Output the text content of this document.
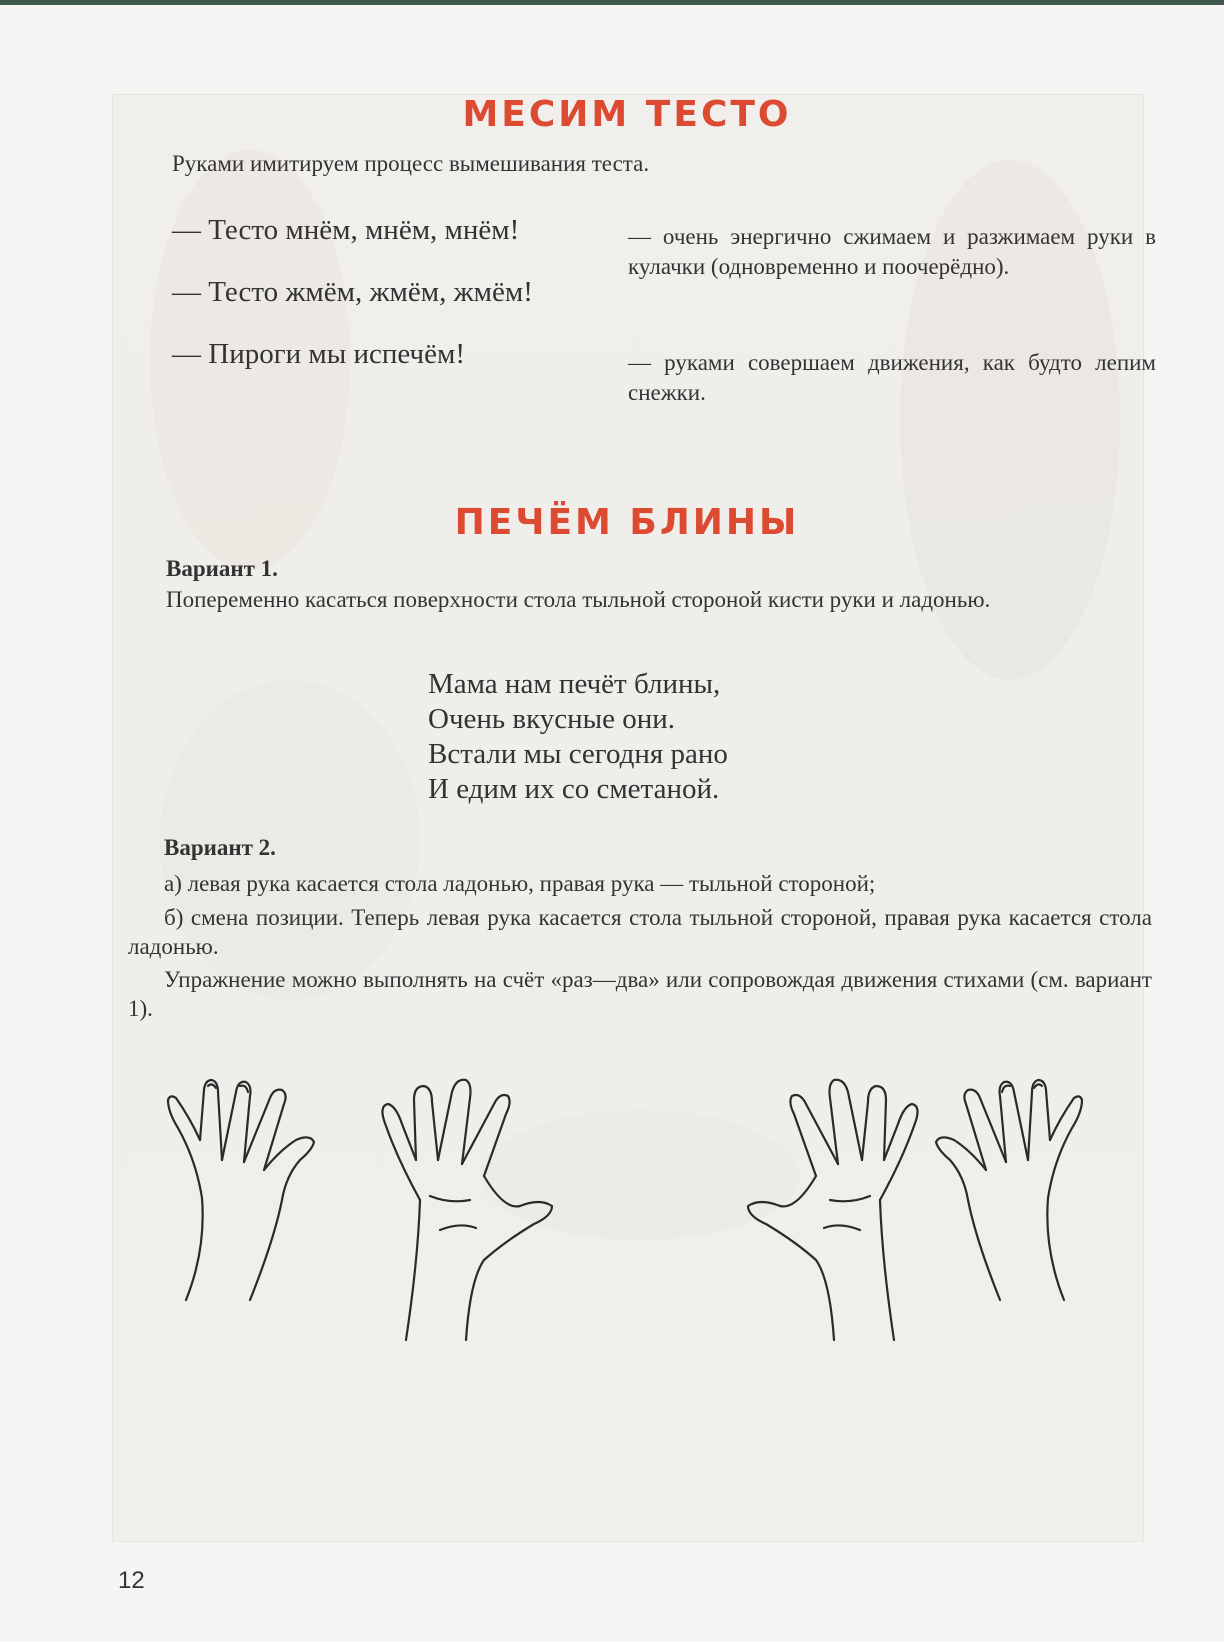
МЕСИМ ТЕСТО
Руками имитируем процесс вымешивания теста.
— Тесто мнём, мнём, мнём!
— Тесто жмём, жмём, жмём!
— Пироги мы испечём!
— очень энергично сжимаем и разжимаем руки в кулачки (одновременно и поочерёдно).
— руками совершаем движения, как будто лепим снежки.
ПЕЧЁМ БЛИНЫ
Вариант 1.
Попеременно касаться поверхности стола тыльной стороной кисти руки и ладонью.
Мама нам печёт блины,
Очень вкусные они.
Встали мы сегодня рано
И едим их со сметаной.
Вариант 2.
а) левая рука касается стола ладонью, правая рука — тыльной стороной;
б) смена позиции. Теперь левая рука касается стола тыльной стороной, правая рука касается стола ладонью.
Упражнение можно выполнять на счёт «раз—два» или сопровождая движения стихами (см. вариант 1).
12
